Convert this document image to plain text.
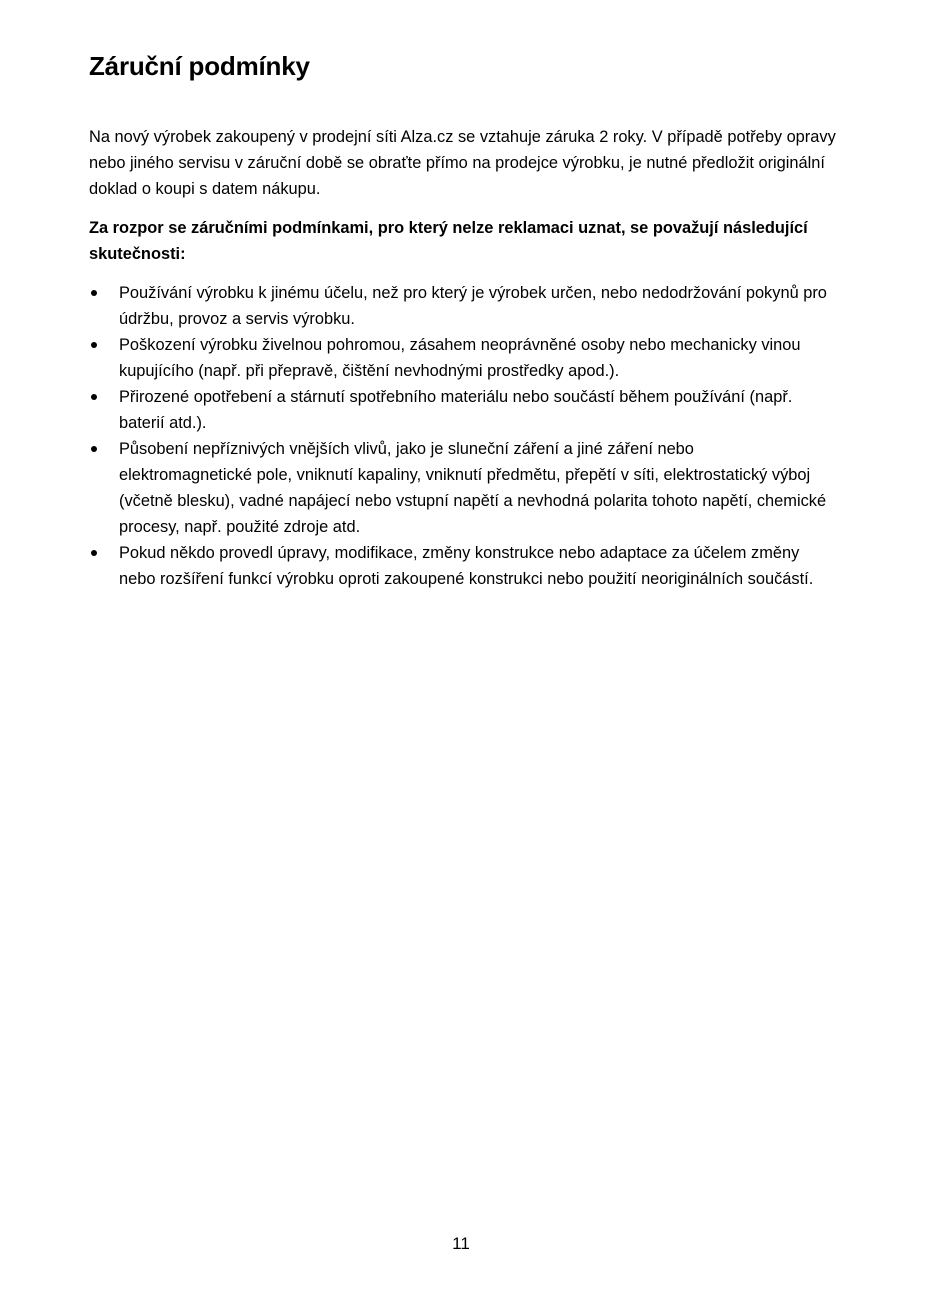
Záruční podmínky

Na nový výrobek zakoupený v prodejní síti Alza.cz se vztahuje záruka 2 roky. V případě potřeby opravy nebo jiného servisu v záruční době se obraťte přímo na prodejce výrobku, je nutné předložit originální doklad o koupi s datem nákupu.

Za rozpor se záručními podmínkami, pro který nelze reklamaci uznat, se považují následující skutečnosti:

Používání výrobku k jinému účelu, než pro který je výrobek určen, nebo nedodržování pokynů pro údržbu, provoz a servis výrobku.
Poškození výrobku živelnou pohromou, zásahem neoprávněné osoby nebo mechanicky vinou kupujícího (např. při přepravě, čištění nevhodnými prostředky apod.).
Přirozené opotřebení a stárnutí spotřebního materiálu nebo součástí během používání (např. baterií atd.).
Působení nepříznivých vnějších vlivů, jako je sluneční záření a jiné záření nebo elektromagnetické pole, vniknutí kapaliny, vniknutí předmětu, přepětí v síti, elektrostatický výboj (včetně blesku), vadné napájecí nebo vstupní napětí a nevhodná polarita tohoto napětí, chemické procesy, např. použité zdroje atd.
Pokud někdo provedl úpravy, modifikace, změny konstrukce nebo adaptace za účelem změny nebo rozšíření funkcí výrobku oproti zakoupené konstrukci nebo použití neoriginálních součástí.
11
